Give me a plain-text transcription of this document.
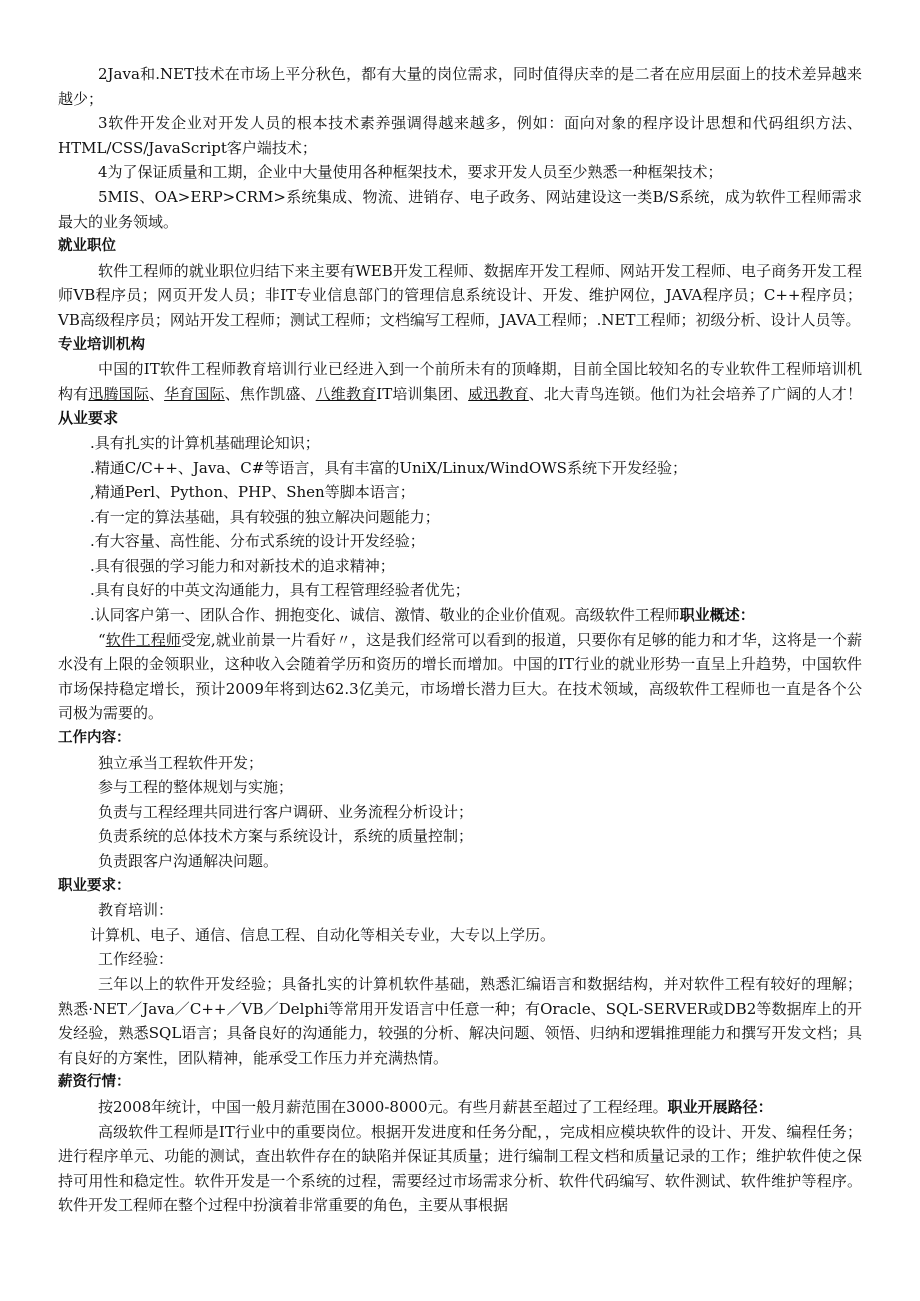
2Java和.NET技术在市场上平分秋色，都有大量的岗位需求，同时值得庆幸的是二者在应用层面上的技术差异越来越少；

3软件开发企业对开发人员的根本技术素养强调得越来越多，例如：面向对象的程序设计思想和代码组织方法、HTML/CSS/JavaScript客户端技术；

4为了保证质量和工期，企业中大量使用各种框架技术，要求开发人员至少熟悉一种框架技术；

5MIS、OA>ERP>CRM>系统集成、物流、进销存、电子政务、网站建设这一类B/S系统，成为软件工程师需求最大的业务领域。

就业职位

软件工程师的就业职位归结下来主要有WEB开发工程师、数据库开发工程师、网站开发工程师、电子商务开发工程师VB程序员；网页开发人员；非IT专业信息部门的管理信息系统设计、开发、维护网位，JAVA程序员；C++程序员；VB高级程序员；网站开发工程师；测试工程师；文档编写工程师，JAVA工程师；.NET工程师；初级分析、设计人员等。

专业培训机构

中国的IT软件工程师教育培训行业已经进入到一个前所未有的顶峰期，目前全国比较知名的专业软件工程师培训机构有迅腾国际、华育国际、焦作凯盛、八维教育IT培训集团、威迅教育、北大青鸟连锁。他们为社会培养了广阔的人才！从业要求

.具有扎实的计算机基础理论知识；

.精通C/C++、Java、C#等语言，具有丰富的UniX/Linux/WindOWS系统下开发经验；

,精通Perl、Python、PHP、Shen等脚本语言；

.有一定的算法基础，具有较强的独立解决问题能力；

.有大容量、高性能、分布式系统的设计开发经验；

.具有很强的学习能力和对新技术的追求精神；

.具有良好的中英文沟通能力，具有工程管理经验者优先；

.认同客户第一、团队合作、拥抱变化、诚信、激情、敬业的企业价值观。高级软件工程师职业概述：

“软件工程师受宠,就业前景一片看好〃，这是我们经常可以看到的报道，只要你有足够的能力和才华，这将是一个薪水没有上限的金领职业，这种收入会随着学历和资历的增长而增加。中国的IT行业的就业形势一直呈上升趋势，中国软件市场保持稳定增长，预计2009年将到达62.3亿美元，市场增长潜力巨大。在技术领域，高级软件工程师也一直是各个公司极为需要的。

工作内容：

独立承当工程软件开发；

参与工程的整体规划与实施；

负责与工程经理共同进行客户调研、业务流程分析设计；

负责系统的总体技术方案与系统设计，系统的质量控制；

负责跟客户沟通解决问题。

职业要求：

教育培训：

计算机、电子、通信、信息工程、自动化等相关专业，大专以上学历。

工作经验：

三年以上的软件开发经验；具备扎实的计算机软件基础，熟悉汇编语言和数据结构，并对软件工程有较好的理解；熟悉·NET／Java／C++／VB／Delphi等常用开发语言中任意一种；有Oracle、SQL-SERVER或DB2等数据库上的开发经验，熟悉SQL语言；具备良好的沟通能力，较强的分析、解决问题、领悟、归纳和逻辑推理能力和撰写开发文档；具有良好的方案性，团队精神，能承受工作压力并充满热情。

薪资行情：

按2008年统计，中国一般月薪范围在3000-8000元。有些月薪甚至超过了工程经理。职业开展路径：

高级软件工程师是IT行业中的重要岗位。根据开发进度和任务分配，，完成相应模块软件的设计、开发、编程任务；进行程序单元、功能的测试，查出软件存在的缺陷并保证其质量；进行编制工程文档和质量记录的工作；维护软件使之保持可用性和稳定性。软件开发是一个系统的过程，需要经过市场需求分析、软件代码编写、软件测试、软件维护等程序。软件开发工程师在整个过程中扮演着非常重要的角色，主要从事根据
